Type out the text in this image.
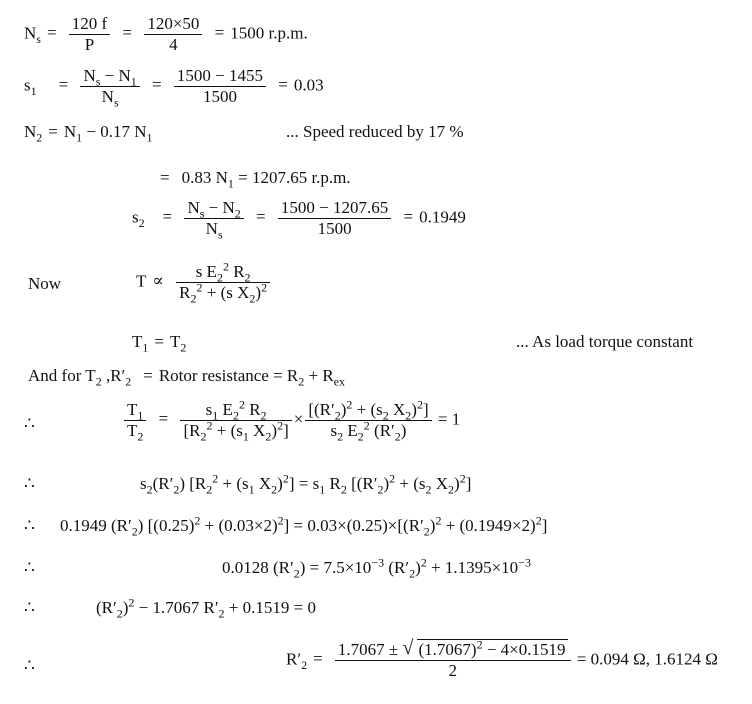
$N_s = \frac{120 f}{P} = \frac{120\times 50}{4} = 1500$ r.p.m.
$s_1 = \frac{N_s - N_1}{N_s} = \frac{1500 - 1455}{1500} = 0.03$
$N_2 = N_1 - 0.17$ $N_1$	... Speed reduced by 17 %
= 0.83 $N_1 = 1207.65$ r.p.m.
$s_2 = \frac{N_s - N_2}{N_s} = \frac{1500 - 1207.65}{1500} = 0.1949$
Now	$T \propto \frac{s E_2^2 R_2}{R_2^2 + (s X_2)^2}$
$T_1 = T_2$	... As load torque constant
And for $T_2$ $,R'_2$ = Rotor resistance = $R_2 + R_{ex}$
∴	$\frac{T_1}{T_2} = \frac{s_1 E_2^2 R_2}{[R_2^2 + (s_1 X_2)^2]} \times \frac{[(R'_2)^2 + (s_2 X_2)^2]}{s_2 E_2^2 (R'_2)} = 1$
∴	$s_2(R'_2) [R_2^2 + (s_1$ $X_2)^2] = s_1$ $R_2$ [$(R'_2)^2 + (s_2$ $X_2)^2$]
∴ 0.1949 $(R'_2) [(0.25)^2 + (0.03\times 2)^2] = 0.03\times(0.25)\times[(R'_2)^2 + (0.1949\times 2)^2]$
∴	0.0128 $(R'_2) = 7.5\times 10^{-3}$ $(R'_2)^2 + 1.1395\times 10^{-3}$
∴	$(R'_2)^2 - 1.7067$ $R'_2 + 0.1519 = 0$
∴	$R'_2 = \frac{1.7067 \pm √ (1.7067)^2 - 4\times 0.1519}{2} = 0.094$ Ω, 1.6124 Ω
